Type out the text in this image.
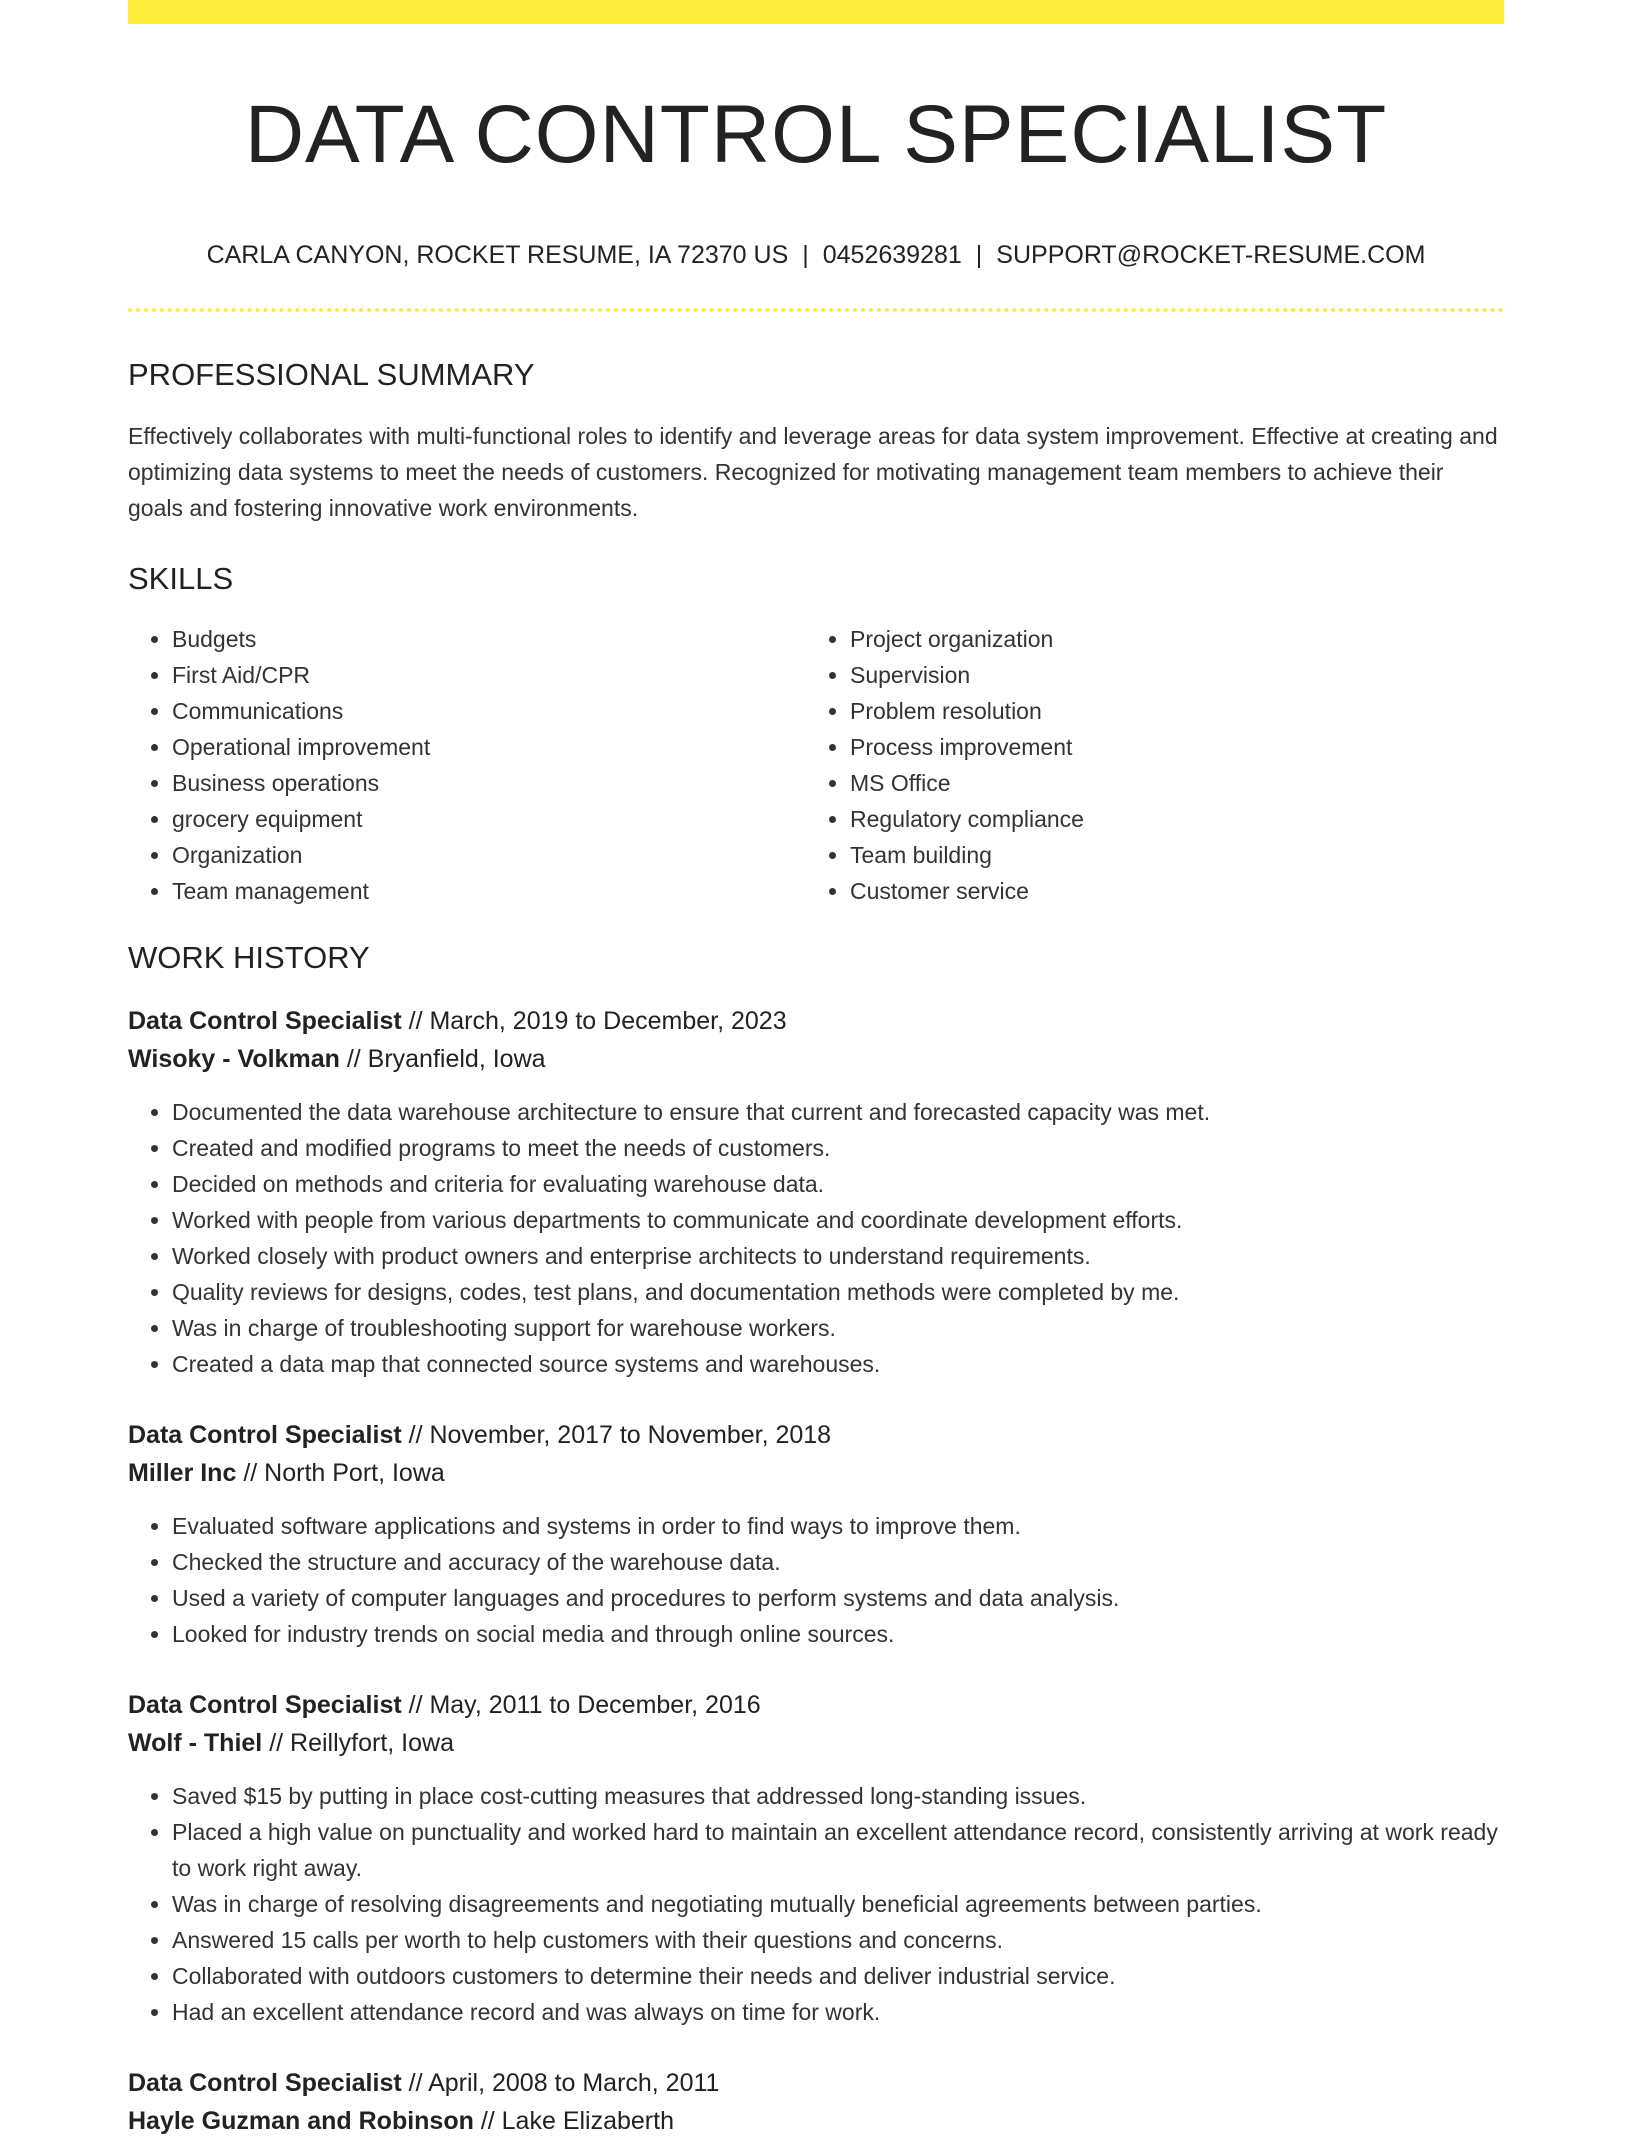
DATA CONTROL SPECIALIST
CARLA CANYON, ROCKET RESUME, IA 72370 US | 0452639281 | SUPPORT@ROCKET-RESUME.COM
PROFESSIONAL SUMMARY
Effectively collaborates with multi-functional roles to identify and leverage areas for data system improvement. Effective at creating and optimizing data systems to meet the needs of customers. Recognized for motivating management team members to achieve their goals and fostering innovative work environments.
SKILLS
• Budgets
• First Aid/CPR
• Communications
• Operational improvement
• Business operations
• grocery equipment
• Organization
• Team management
• Project organization
• Supervision
• Problem resolution
• Process improvement
• MS Office
• Regulatory compliance
• Team building
• Customer service
WORK HISTORY
Data Control Specialist // March, 2019 to December, 2023
Wisoky - Volkman // Bryanfield, Iowa
• Documented the data warehouse architecture to ensure that current and forecasted capacity was met.
• Created and modified programs to meet the needs of customers.
• Decided on methods and criteria for evaluating warehouse data.
• Worked with people from various departments to communicate and coordinate development efforts.
• Worked closely with product owners and enterprise architects to understand requirements.
• Quality reviews for designs, codes, test plans, and documentation methods were completed by me.
• Was in charge of troubleshooting support for warehouse workers.
• Created a data map that connected source systems and warehouses.
Data Control Specialist // November, 2017 to November, 2018
Miller Inc // North Port, Iowa
• Evaluated software applications and systems in order to find ways to improve them.
• Checked the structure and accuracy of the warehouse data.
• Used a variety of computer languages and procedures to perform systems and data analysis.
• Looked for industry trends on social media and through online sources.
Data Control Specialist // May, 2011 to December, 2016
Wolf - Thiel // Reillyfort, Iowa
• Saved $15 by putting in place cost-cutting measures that addressed long-standing issues.
• Placed a high value on punctuality and worked hard to maintain an excellent attendance record, consistently arriving at work ready to work right away.
• Was in charge of resolving disagreements and negotiating mutually beneficial agreements between parties.
• Answered 15 calls per worth to help customers with their questions and concerns.
• Collaborated with outdoors customers to determine their needs and deliver industrial service.
• Had an excellent attendance record and was always on time for work.
Data Control Specialist // April, 2008 to March, 2011
Hayle Guzman and Robinson // Lake Elizaberth
